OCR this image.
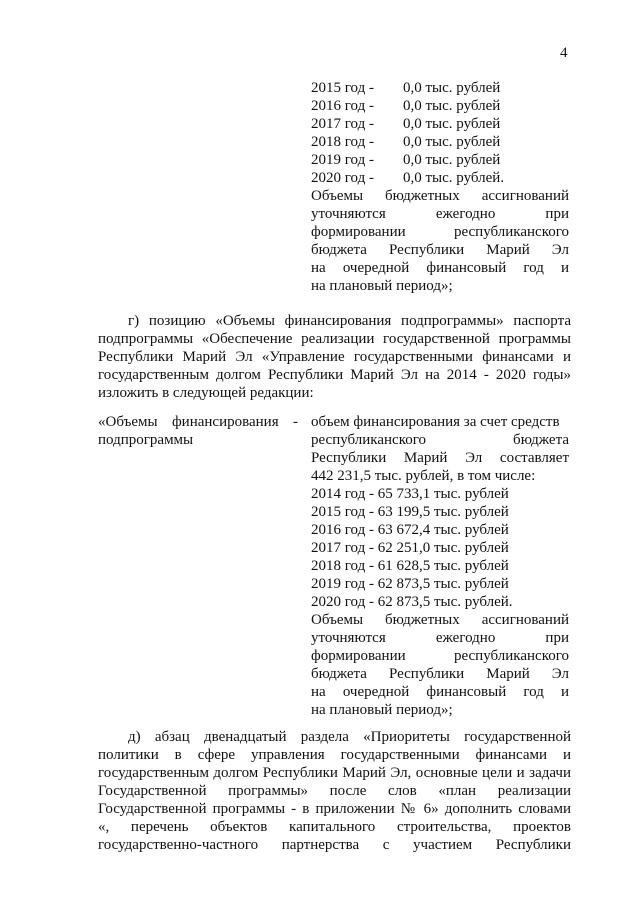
4
2015 год -	0,0 тыс. рублей
2016 год -	0,0 тыс. рублей
2017 год -	0,0 тыс. рублей
2018 год -	0,0 тыс. рублей
2019 год -	0,0 тыс. рублей
2020 год -	0,0 тыс. рублей.
Объемы бюджетных ассигнований
уточняются ежегодно при
формировании республиканского
бюджета Республики Марий Эл
на очередной финансовый год и
на плановый период»;
г) позицию «Объемы финансирования подпрограммы» паспорта
подпрограммы «Обеспечение реализации государственной программы
Республики Марий Эл «Управление государственными финансами и
государственным долгом Республики Марий Эл на 2014 - 2020 годы»
изложить в следующей редакции:
«Объемы финансирования -
подпрограммы
объем финансирования за счет средств
республиканского бюджета
Республики Марий Эл составляет
442 231,5 тыс. рублей, в том числе:
2014 год - 65 733,1 тыс. рублей
2015 год - 63 199,5 тыс. рублей
2016 год - 63 672,4 тыс. рублей
2017 год - 62 251,0 тыс. рублей
2018 год - 61 628,5 тыс. рублей
2019 год - 62 873,5 тыс. рублей
2020 год - 62 873,5 тыс. рублей.
Объемы бюджетных ассигнований
уточняются ежегодно при
формировании республиканского
бюджета Республики Марий Эл
на очередной финансовый год и
на плановый период»;
д) абзац двенадцатый раздела «Приоритеты государственной
политики в сфере управления государственными финансами и
государственным долгом Республики Марий Эл, основные цели и задачи
Государственной программы» после слов «план реализации
Государственной программы - в приложении № 6» дополнить словами
«, перечень объектов капитального строительства, проектов
государственно-частного партнерства с участием Республики
